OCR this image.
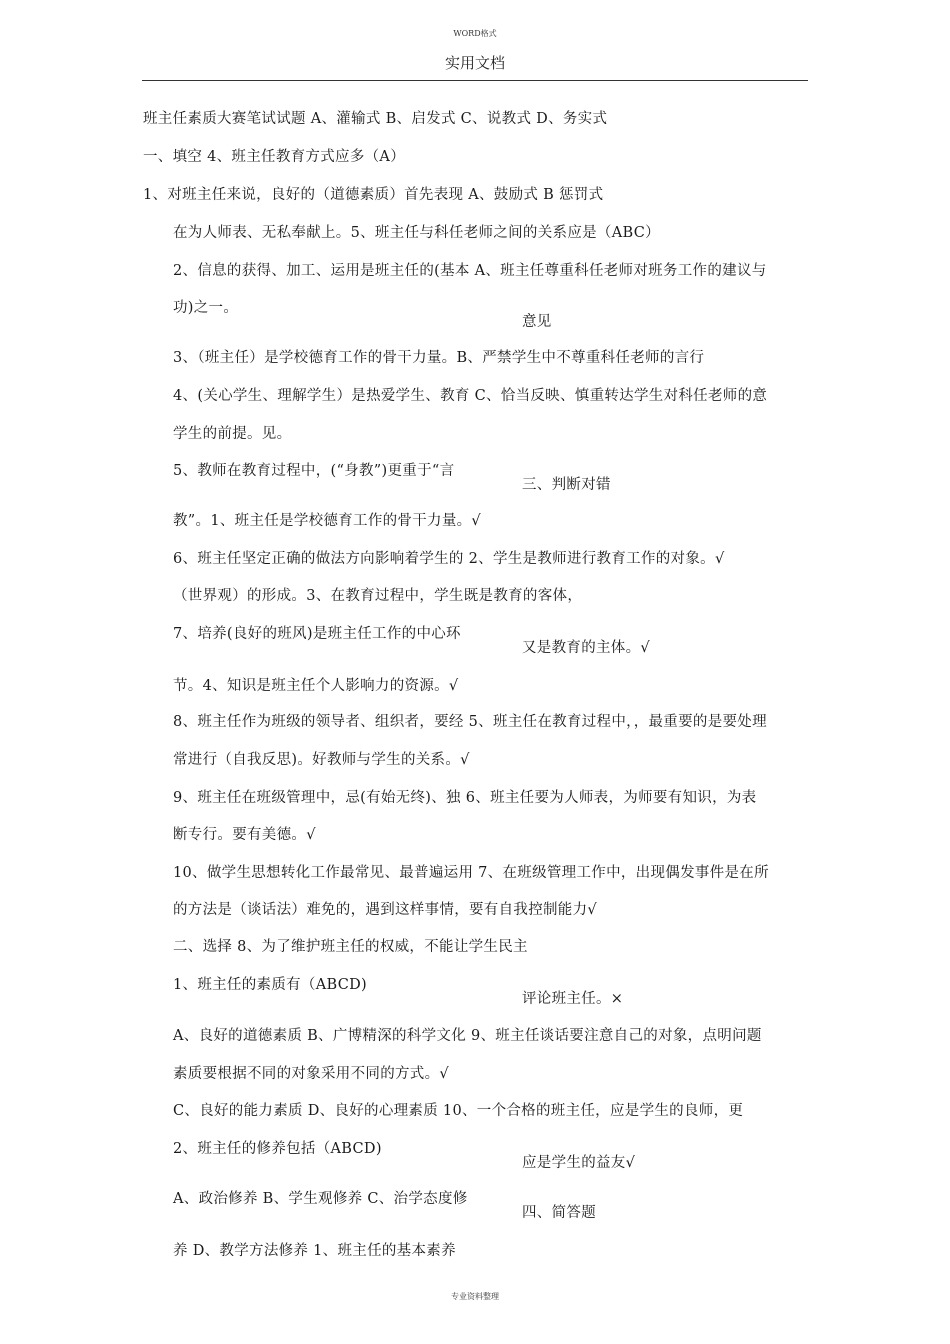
WORD格式
实用文档
班主任素质大赛笔试试题 A、灌输式 B、启发式 C、说教式 D、务实式
一、填空 4、班主任教育方式应多（A）
1、对班主任来说，良好的（道德素质）首先表现 A、鼓励式 B 惩罚式
在为人师表、无私奉献上。5、班主任与科任老师之间的关系应是（ABC）
2、信息的获得、加工、运用是班主任的(基本 A、班主任尊重科任老师对班务工作的建议与
功)之一。
意见
3、（班主任）是学校德育工作的骨干力量。B、严禁学生中不尊重科任老师的言行
4、(关心学生、理解学生）是热爱学生、教育 C、恰当反映、慎重转达学生对科任老师的意
学生的前提。见。
5、教师在教育过程中，(“身教”)更重于“言
三、判断对错
教”。1、班主任是学校德育工作的骨干力量。√
6、班主任坚定正确的做法方向影响着学生的 2、学生是教师进行教育工作的对象。√
（世界观）的形成。3、在教育过程中，学生既是教育的客体，
7、培养(良好的班风)是班主任工作的中心环
又是教育的主体。√
节。4、知识是班主任个人影响力的资源。√
8、班主任作为班级的领导者、组织者，要经 5、班主任在教育过程中，，最重要的是要处理
常进行（自我反思)。好教师与学生的关系。√
9、班主任在班级管理中，忌(有始无终)、独 6、班主任要为人师表，为师要有知识，为表
断专行。要有美德。√
10、做学生思想转化工作最常见、最普遍运用 7、在班级管理工作中，出现偶发事件是在所
的方法是（谈话法）难免的，遇到这样事情，要有自我控制能力√
二、选择 8、为了维护班主任的权威，不能让学生民主
1、班主任的素质有（ABCD)
评论班主任。×
A、良好的道德素质 B、广博精深的科学文化 9、班主任谈话要注意自己的对象，点明问题
素质要根据不同的对象采用不同的方式。√
C、良好的能力素质 D、良好的心理素质 10、一个合格的班主任，应是学生的良师，更
2、班主任的修养包括（ABCD)
应是学生的益友√
A、政治修养 B、学生观修养 C、治学态度修
四、简答题
养 D、教学方法修养 1、班主任的基本素养
专业资料整理
